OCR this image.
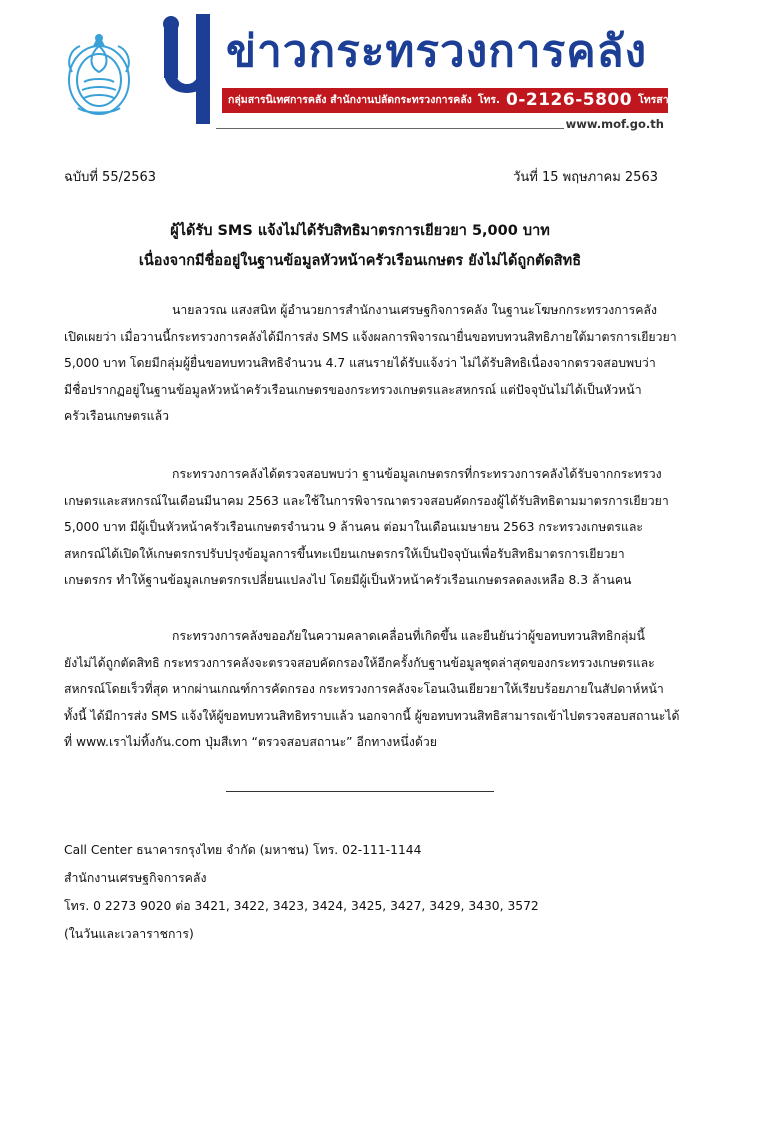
ข่าวกระทรวงการคลัง
กลุ่มสารนิเทศการคลัง สำนักงานปลัดกระทรวงการคลัง โทร. 0-2126-5800 โทรสาร 0-2273-9763
www.mof.go.th
ฉบับที่ 55/2563	วันที่ 15 พฤษภาคม 2563
ผู้ได้รับ SMS แจ้งไม่ได้รับสิทธิมาตรการเยียวยา 5,000 บาท
เนื่องจากมีชื่ออยู่ในฐานข้อมูลหัวหน้าครัวเรือนเกษตร ยังไม่ได้ถูกตัดสิทธิ
นายลวรณ แสงสนิท ผู้อำนวยการสำนักงานเศรษฐกิจการคลัง ในฐานะโฆษกกระทรวงการคลัง
เปิดเผยว่า เมื่อวานนี้กระทรวงการคลังได้มีการส่ง SMS แจ้งผลการพิจารณายื่นขอทบทวนสิทธิภายใต้มาตรการเยียวยา
5,000 บาท โดยมีกลุ่มผู้ยื่นขอทบทวนสิทธิจำนวน 4.7 แสนรายได้รับแจ้งว่า ไม่ได้รับสิทธิเนื่องจากตรวจสอบพบว่า
มีชื่อปรากฏอยู่ในฐานข้อมูลหัวหน้าครัวเรือนเกษตรของกระทรวงเกษตรและสหกรณ์ แต่ปัจจุบันไม่ได้เป็นหัวหน้า
ครัวเรือนเกษตรแล้ว
กระทรวงการคลังได้ตรวจสอบพบว่า ฐานข้อมูลเกษตรกรที่กระทรวงการคลังได้รับจากกระทรวง
เกษตรและสหกรณ์ในเดือนมีนาคม 2563 และใช้ในการพิจารณาตรวจสอบคัดกรองผู้ได้รับสิทธิตามมาตรการเยียวยา
5,000 บาท มีผู้เป็นหัวหน้าครัวเรือนเกษตรจำนวน 9 ล้านคน ต่อมาในเดือนเมษายน 2563 กระทรวงเกษตรและ
สหกรณ์ได้เปิดให้เกษตรกรปรับปรุงข้อมูลการขึ้นทะเบียนเกษตรกรให้เป็นปัจจุบันเพื่อรับสิทธิมาตรการเยียวยา
เกษตรกร ทำให้ฐานข้อมูลเกษตรกรเปลี่ยนแปลงไป โดยมีผู้เป็นหัวหน้าครัวเรือนเกษตรลดลงเหลือ 8.3 ล้านคน
กระทรวงการคลังขออภัยในความคลาดเคลื่อนที่เกิดขึ้น และยืนยันว่าผู้ขอทบทวนสิทธิกลุ่มนี้
ยังไม่ได้ถูกตัดสิทธิ กระทรวงการคลังจะตรวจสอบคัดกรองให้อีกครั้งกับฐานข้อมูลชุดล่าสุดของกระทรวงเกษตรและ
สหกรณ์โดยเร็วที่สุด หากผ่านเกณฑ์การคัดกรอง กระทรวงการคลังจะโอนเงินเยียวยาให้เรียบร้อยภายในสัปดาห์หน้า
ทั้งนี้ ได้มีการส่ง SMS แจ้งให้ผู้ขอทบทวนสิทธิทราบแล้ว นอกจากนี้ ผู้ขอทบทวนสิทธิสามารถเข้าไปตรวจสอบสถานะได้
ที่ www.เราไม่ทิ้งกัน.com ปุ่มสีเทา “ตรวจสอบสถานะ” อีกทางหนึ่งด้วย
Call Center ธนาคารกรุงไทย จำกัด (มหาชน) โทร. 02-111-1144
สำนักงานเศรษฐกิจการคลัง
โทร. 0 2273 9020 ต่อ 3421, 3422, 3423, 3424, 3425, 3427, 3429, 3430, 3572
(ในวันและเวลาราชการ)
